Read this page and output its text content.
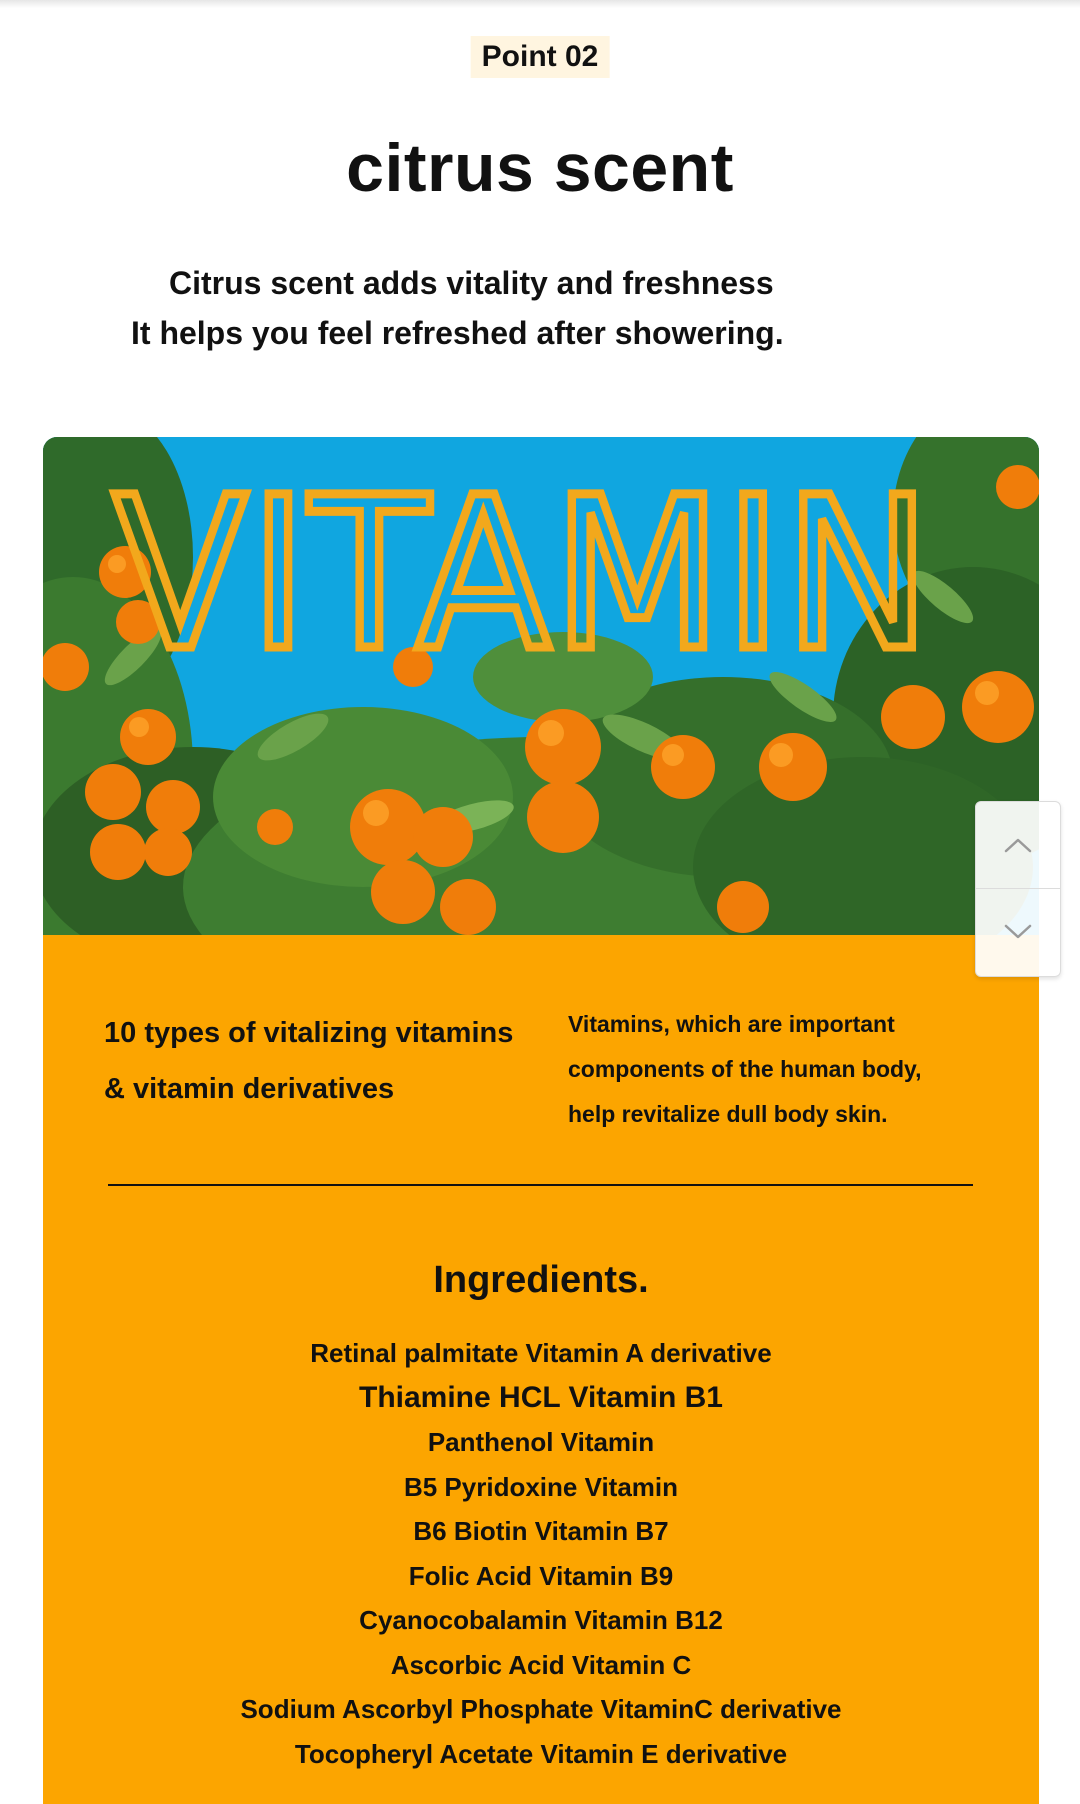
Point 02
citrus scent
Citrus scent adds vitality and freshness
It helps you feel refreshed after showering.
VITAMIN
10 types of vitalizing vitamins
& vitamin derivatives
Vitamins, which are important
components of the human body,
help revitalize dull body skin.
Ingredients.
Retinal palmitate Vitamin A derivative
Thiamine HCL Vitamin B1
Panthenol Vitamin
B5 Pyridoxine Vitamin
B6 Biotin Vitamin B7
Folic Acid Vitamin B9
Cyanocobalamin Vitamin B12
Ascorbic Acid Vitamin C
Sodium Ascorbyl Phosphate VitaminC derivative
Tocopheryl Acetate Vitamin E derivative
